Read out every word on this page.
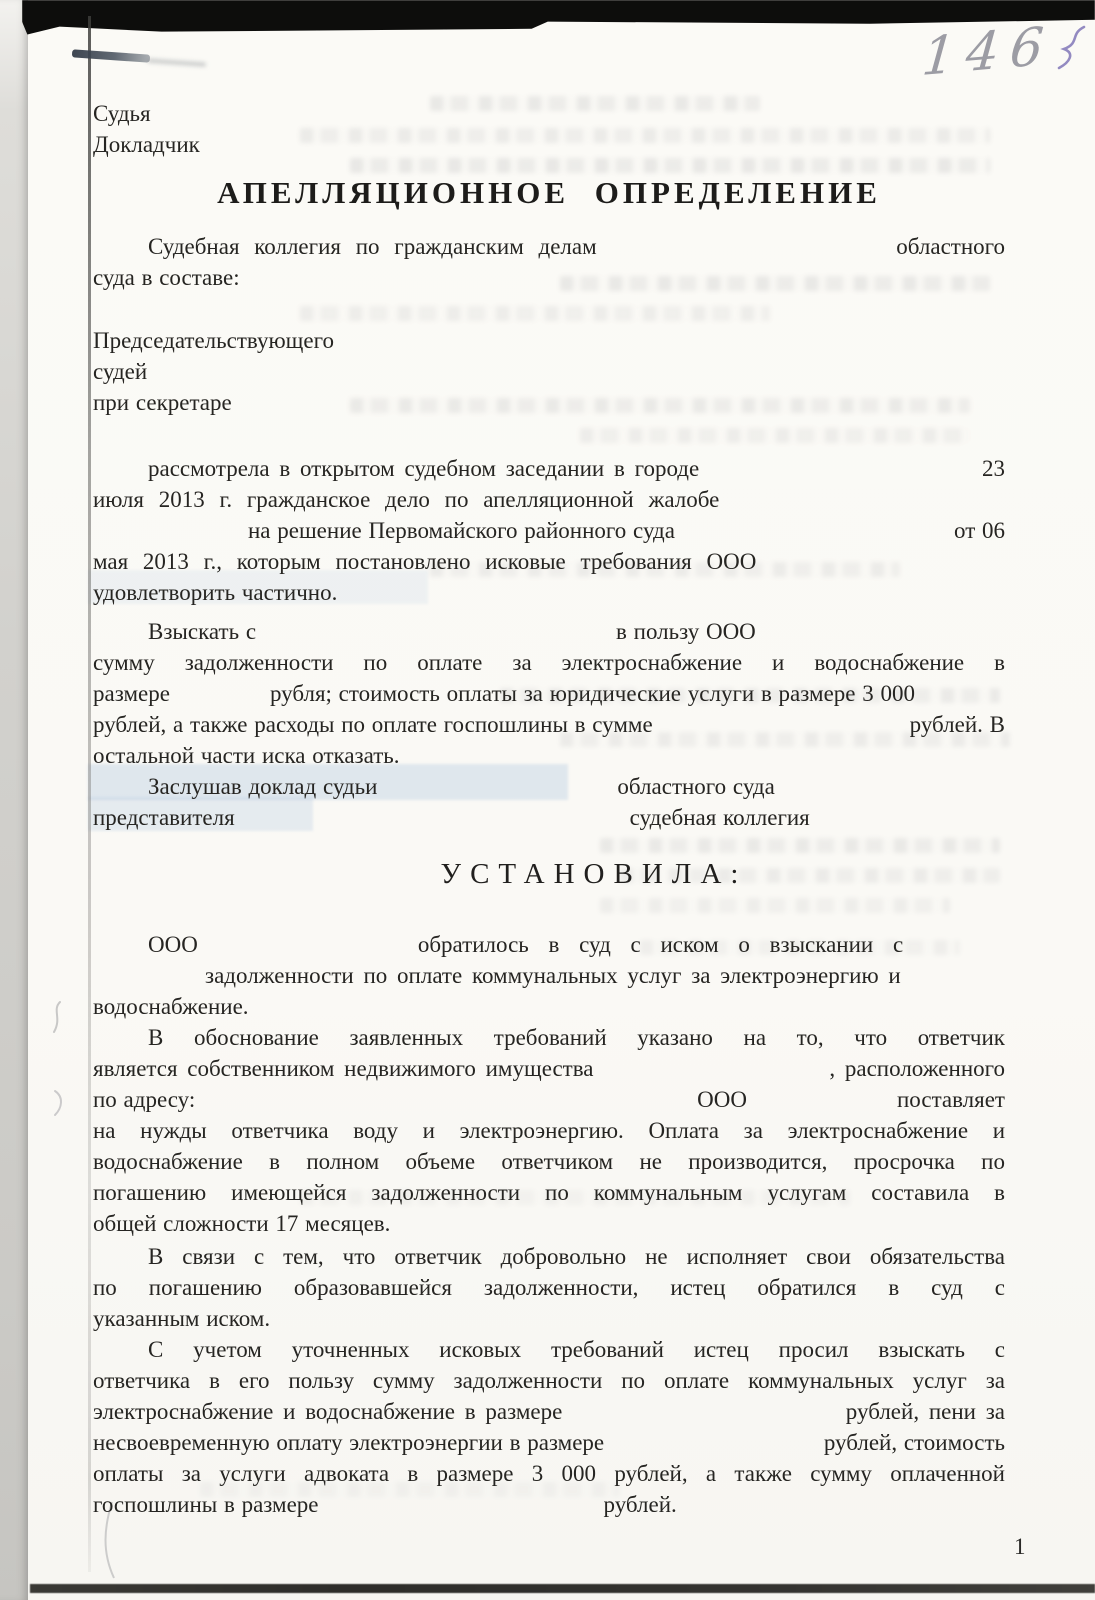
146
Судья
Докладчик
АПЕЛЛЯЦИОННОЕ ОПРЕДЕЛЕНИЕ
Судебная коллегия по гражданским делам	областного
суда в составе:
Председательствующего
судей
при секретаре
рассмотрела в открытом судебном заседании в городе	23
июля 2013 г. гражданское дело по апелляционной жалобе
на решение Первомайского районного суда	от 06
мая 2013 г., которым постановлено исковые требования ООО
удовлетворить частично.
Взыскать с	в пользу ООО
сумму задолженности по оплате за электроснабжение и водоснабжение в
размере	рубля; стоимость оплаты за юридические услуги в размере 3 000
рублей, а также расходы по оплате госпошлины в сумме	рублей. В
остальной части иска отказать.
Заслушав доклад судьи	областного суда
представителя	судебная коллегия
УСТАНОВИЛА:
ООО	обратилось в суд с иском о взыскании с
задолженности по оплате коммунальных услуг за электроэнергию и
водоснабжение.
В обоснование заявленных требований указано на то, что ответчик
является собственником недвижимого имущества	, расположенного
по адресу:	ООО	поставляет
на нужды ответчика воду и электроэнергию. Оплата за электроснабжение и
водоснабжение в полном объеме ответчиком не производится, просрочка по
погашению имеющейся задолженности по коммунальным услугам составила в
общей сложности 17 месяцев.
В связи с тем, что ответчик добровольно не исполняет свои обязательства
по погашению образовавшейся задолженности, истец обратился в суд с
указанным иском.
С учетом уточненных исковых требований истец просил взыскать с
ответчика в его пользу сумму задолженности по оплате коммунальных услуг за
электроснабжение и водоснабжение в размере	рублей, пени за
несвоевременную оплату электроэнергии в размере	рублей, стоимость
оплаты за услуги адвоката в размере 3 000 рублей, а также сумму оплаченной
госпошлины в размере	рублей.
1
